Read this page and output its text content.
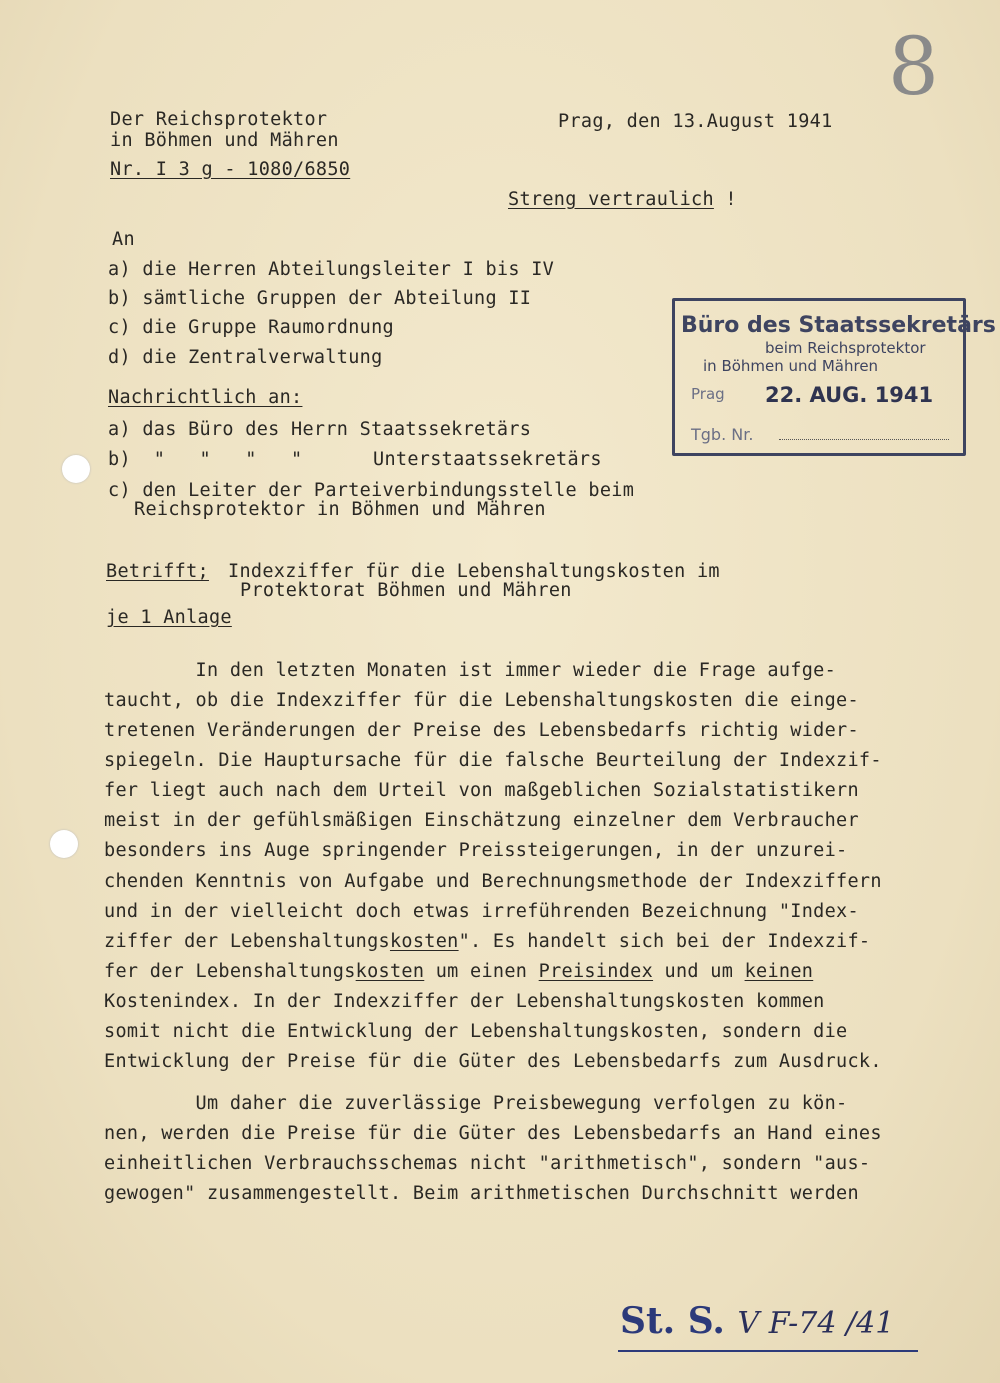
8
Der Reichsprotektor
in Böhmen und Mähren
Nr. I 3 g - 1080/6850
Prag, den 13.August 1941
Streng vertraulich !
An
a) die Herren Abteilungsleiter I bis IV
b) sämtliche Gruppen der Abteilung II
c) die Gruppe Raumordnung
d) die Zentralverwaltung
Nachrichtlich an:
a) das Büro des Herrn Staatssekretärs
b)  "   "   "   "	Unterstaatssekretärs
c) den Leiter der Parteiverbindungsstelle beim
Reichsprotektor in Böhmen und Mähren
Büro des Staatssekretärs
beim Reichsprotektor
in Böhmen und Mähren
Prag 22. AUG. 1941
Tgb. Nr.
Betrifft; Indexziffer für die Lebenshaltungskosten im
Protektorat Böhmen und Mähren
je 1 Anlage
In den letzten Monaten ist immer wieder die Frage aufge-
taucht, ob die Indexziffer für die Lebenshaltungskosten die einge-
tretenen Veränderungen der Preise des Lebensbedarfs richtig wider-
spiegeln. Die Hauptursache für die falsche Beurteilung der Indexzif-
fer liegt auch nach dem Urteil von maßgeblichen Sozialstatistikern
meist in der gefühlsmäßigen Einschätzung einzelner dem Verbraucher
besonders ins Auge springender Preissteigerungen, in der unzurei-
chenden Kenntnis von Aufgabe und Berechnungsmethode der Indexziffern
und in der vielleicht doch etwas irreführenden Bezeichnung "Index-
ziffer der Lebenshaltungskosten". Es handelt sich bei der Indexzif-
fer der Lebenshaltungskosten um einen Preisindex und um keinen
Kostenindex. In der Indexziffer der Lebenshaltungskosten kommen
somit nicht die Entwicklung der Lebenshaltungskosten, sondern die
Entwicklung der Preise für die Güter des Lebensbedarfs zum Ausdruck.
Um daher die zuverlässige Preisbewegung verfolgen zu kön-
nen, werden die Preise für die Güter des Lebensbedarfs an Hand eines
einheitlichen Verbrauchsschemas nicht "arithmetisch", sondern "aus-
gewogen" zusammengestellt. Beim arithmetischen Durchschnitt werden
St. S. V F-74 /41
